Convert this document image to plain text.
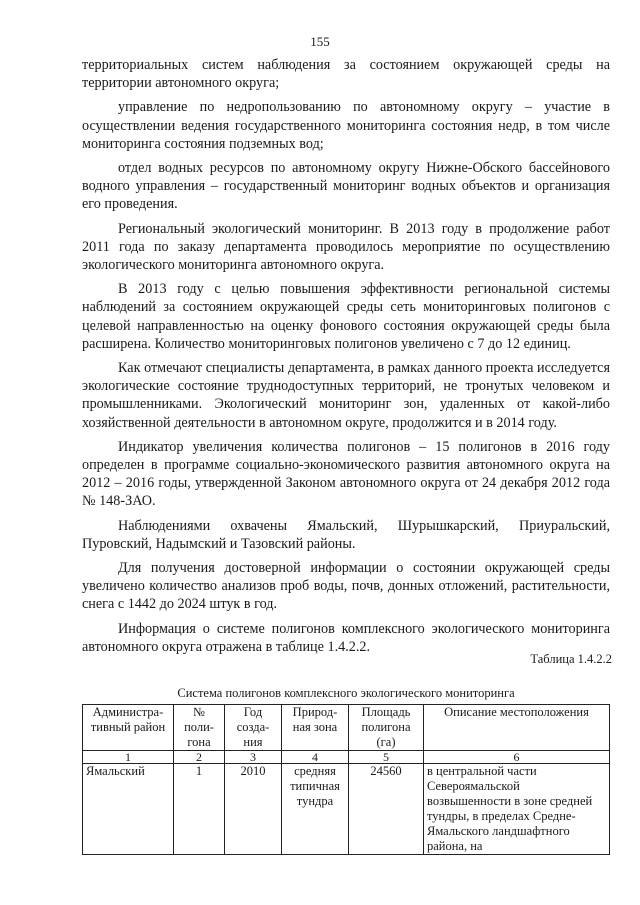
155

территориальных систем наблюдения за состоянием окружающей среды на территории автономного округа;

управление по недропользованию по автономному округу – участие в осуществлении ведения государственного мониторинга состояния недр, в том числе мониторинга состояния подземных вод;

отдел водных ресурсов по автономному округу Нижне-Обского бассейнового водного управления – государственный мониторинг водных объектов и организация его проведения.

Региональный экологический мониторинг. В 2013 году в продолжение работ 2011 года по заказу департамента проводилось мероприятие по осуществлению экологического мониторинга автономного округа.

В 2013 году с целью повышения эффективности региональной системы наблюдений за состоянием окружающей среды сеть мониторинговых полигонов с целевой направленностью на оценку фонового состояния окружающей среды была расширена. Количество мониторинговых полигонов увеличено с 7 до 12 единиц.

Как отмечают специалисты департамента, в рамках данного проекта исследуется экологические состояние труднодоступных территорий, не тронутых человеком и промышленниками. Экологический мониторинг зон, удаленных от какой-либо хозяйственной деятельности в автономном округе, продолжится и в 2014 году.

Индикатор увеличения количества полигонов – 15 полигонов в 2016 году определен в программе социально-экономического развития автономного округа на 2012 – 2016 годы, утвержденной Законом автономного округа от 24 декабря 2012 года № 148-ЗАО.

Наблюдениями охвачены Ямальский, Шурышкарский, Приуральский, Пуровский, Надымский и Тазовский районы.

Для получения достоверной информации о состоянии окружающей среды увеличено количество анализов проб воды, почв, донных отложений, растительности, снега с 1442 до 2024 штук в год.

Информация о системе полигонов комплексного экологического мониторинга автономного округа отражена в таблице 1.4.2.2.

Таблица 1.4.2.2
Система полигонов комплексного экологического мониторинга
Администра-тивный район	№ поли-гона	Год созда-ния	Природ-ная зона	Площадь полигона (га)	Описание местоположения
1	2	3	4	5	6
Ямальский	1	2010	средняя типичная тундра	24560	в центральной части Североямальской возвышенности в зоне средней тундры, в пределах Средне-Ямальского ландшафтного района, на
